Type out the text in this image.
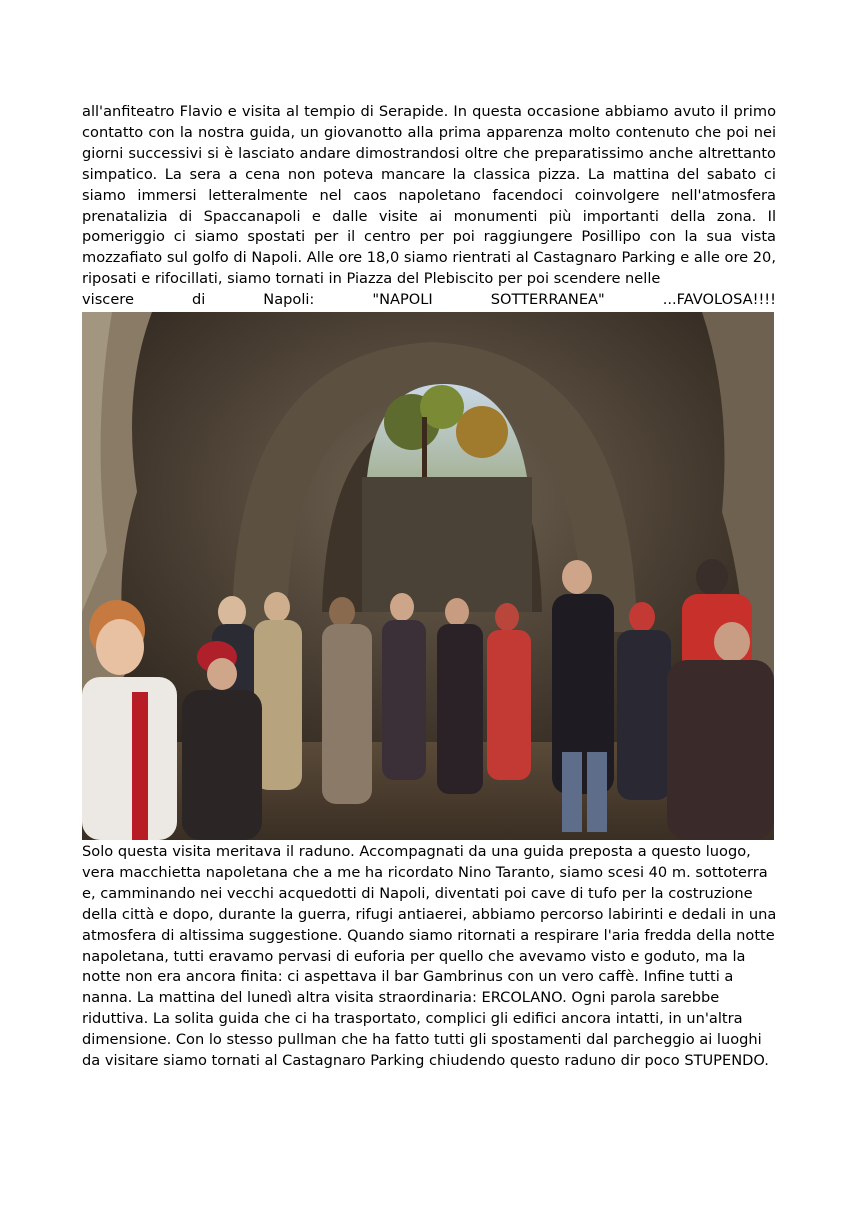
all'anfiteatro Flavio e visita al tempio di Serapide. In questa occasione abbiamo avuto il primo contatto con la nostra guida, un giovanotto alla prima apparenza molto contenuto che poi nei giorni successivi si è lasciato andare dimostrandosi oltre che preparatissimo anche altrettanto simpatico. La sera a cena non poteva mancare la classica pizza. La mattina del sabato ci siamo immersi letteralmente nel caos napoletano facendoci coinvolgere nell'atmosfera prenatalizia di Spaccanapoli e dalle visite ai monumenti più importanti della zona. Il pomeriggio ci siamo spostati per il centro per poi raggiungere Posillipo con la sua vista mozzafiato sul golfo di Napoli. Alle ore 18,0 siamo rientrati al Castagnaro Parking e alle ore 20, riposati e rifocillati, siamo tornati in Piazza del Plebiscito per poi scendere nelle
viscere di Napoli: "NAPOLI SOTTERRANEA" ...FAVOLOSA!!!!

Solo questa visita meritava il raduno. Accompagnati da una guida preposta a questo luogo, vera macchietta napoletana che a me ha ricordato Nino Taranto, siamo scesi 40 m. sottoterra e, camminando nei vecchi acquedotti di Napoli, diventati poi cave di tufo per la costruzione della città e dopo, durante la guerra, rifugi antiaerei, abbiamo percorso labirinti e dedali in una atmosfera di altissima suggestione. Quando siamo ritornati a respirare l'aria fredda della notte napoletana, tutti eravamo pervasi di euforia per quello che avevamo visto e goduto, ma la notte non era ancora finita: ci aspettava il bar Gambrinus con un vero caffè. Infine tutti a nanna. La mattina del lunedì altra visita straordinaria: ERCOLANO. Ogni parola sarebbe riduttiva. La solita guida che ci ha trasportato, complici gli edifici ancora intatti, in un'altra dimensione. Con lo stesso pullman che ha fatto tutti gli spostamenti dal parcheggio ai luoghi da visitare siamo tornati al Castagnaro Parking chiudendo questo raduno dir poco STUPENDO.
